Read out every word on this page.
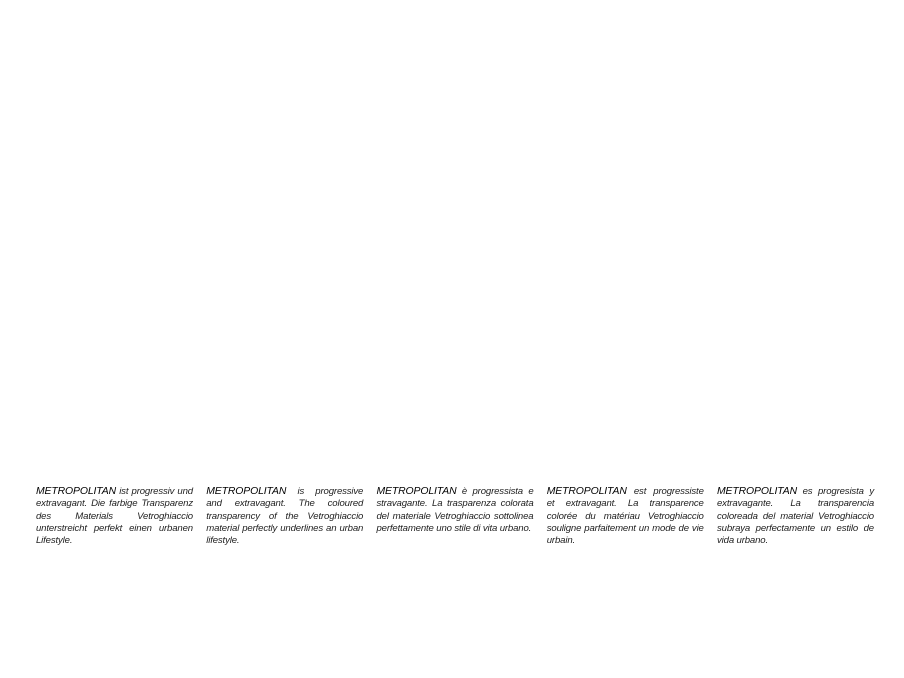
METROPOLITAN ist progressiv und extravagant. Die farbige Transparenz des Materials Vetroghiaccio unterstreicht perfekt einen urbanen Lifestyle.
METROPOLITAN is progressive and extravagant. The coloured transparency of the Vetroghiaccio material perfectly underlines an urban lifestyle.
METROPOLITAN è progressista e stravagante. La trasparenza colorata del materiale Vetroghiaccio sottolinea perfettamente uno stile di vita urbano.
METROPOLITAN est progressiste et extravagant. La transparence colorée du matériau Vetroghiaccio souligne parfaitement un mode de vie urbain.
METROPOLITAN es progresista y extravagante. La transparencia coloreada del material Vetroghiaccio subraya perfectamente un estilo de vida urbano.
